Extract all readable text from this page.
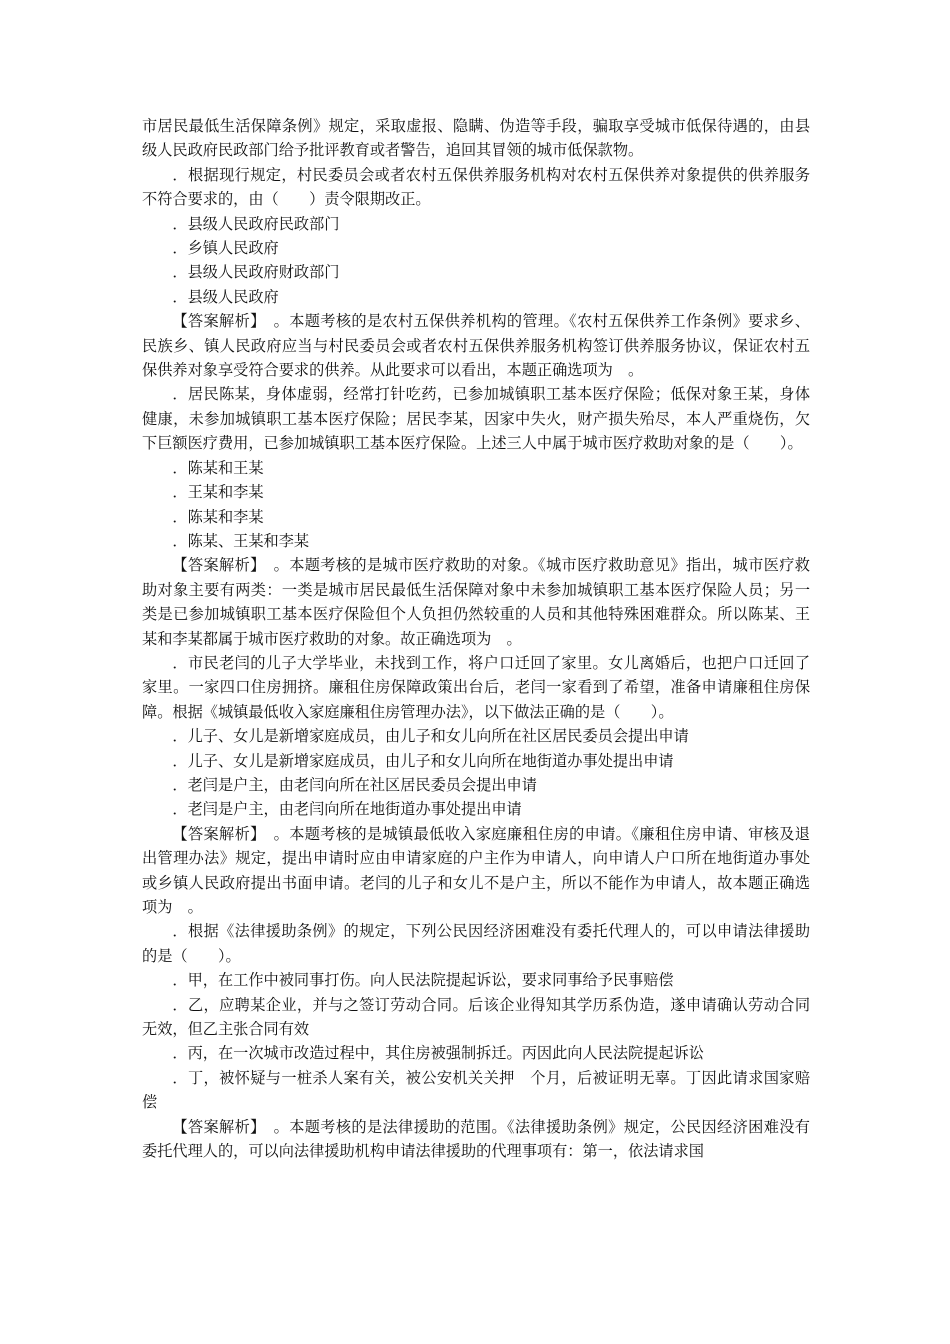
市居民最低生活保障条例》规定，采取虚报、隐瞒、伪造等手段，骗取享受城市低保待遇的，由县级人民政府民政部门给予批评教育或者警告，追回其冒领的城市低保款物。

．根据现行规定，村民委员会或者农村五保供养服务机构对农村五保供养对象提供的供养服务不符合要求的，由（　　）责令限期改正。

．县级人民政府民政部门

．乡镇人民政府

．县级人民政府财政部门

．县级人民政府

【答案解析】　。本题考核的是农村五保供养机构的管理。《农村五保供养工作条例》要求乡、民族乡、镇人民政府应当与村民委员会或者农村五保供养服务机构签订供养服务协议，保证农村五保供养对象享受符合要求的供养。从此要求可以看出，本题正确选项为　。

．居民陈某，身体虚弱，经常打针吃药，已参加城镇职工基本医疗保险；低保对象王某，身体健康，未参加城镇职工基本医疗保险；居民李某，因家中失火，财产损失殆尽，本人严重烧伤，欠下巨额医疗费用，已参加城镇职工基本医疗保险。上述三人中属于城市医疗救助对象的是（　　）。

．陈某和王某

．王某和李某

．陈某和李某

．陈某、王某和李某

【答案解析】　。本题考核的是城市医疗救助的对象。《城市医疗救助意见》指出，城市医疗救助对象主要有两类：一类是城市居民最低生活保障对象中未参加城镇职工基本医疗保险人员；另一类是已参加城镇职工基本医疗保险但个人负担仍然较重的人员和其他特殊困难群众。所以陈某、王某和李某都属于城市医疗救助的对象。故正确选项为　。

．市民老闫的儿子大学毕业，未找到工作，将户口迁回了家里。女儿离婚后，也把户口迁回了家里。一家四口住房拥挤。廉租住房保障政策出台后，老闫一家看到了希望，准备申请廉租住房保障。根据《城镇最低收入家庭廉租住房管理办法》，以下做法正确的是（　　）。

．儿子、女儿是新增家庭成员，由儿子和女儿向所在社区居民委员会提出申请

．儿子、女儿是新增家庭成员，由儿子和女儿向所在地街道办事处提出申请

．老闫是户主，由老闫向所在社区居民委员会提出申请

．老闫是户主，由老闫向所在地街道办事处提出申请

【答案解析】　。本题考核的是城镇最低收入家庭廉租住房的申请。《廉租住房申请、审核及退出管理办法》规定，提出申请时应由申请家庭的户主作为申请人，向申请人户口所在地街道办事处或乡镇人民政府提出书面申请。老闫的儿子和女儿不是户主，所以不能作为申请人，故本题正确选项为　。

．根据《法律援助条例》的规定，下列公民因经济困难没有委托代理人的，可以申请法律援助的是（　　）。

．甲，在工作中被同事打伤。向人民法院提起诉讼，要求同事给予民事赔偿

．乙，应聘某企业，并与之签订劳动合同。后该企业得知其学历系伪造，遂申请确认劳动合同无效，但乙主张合同有效

．丙，在一次城市改造过程中，其住房被强制拆迁。丙因此向人民法院提起诉讼

．丁，被怀疑与一桩杀人案有关，被公安机关关押　个月，后被证明无辜。丁因此请求国家赔偿

【答案解析】　。本题考核的是法律援助的范围。《法律援助条例》规定，公民因经济困难没有委托代理人的，可以向法律援助机构申请法律援助的代理事项有：第一，依法请求国
